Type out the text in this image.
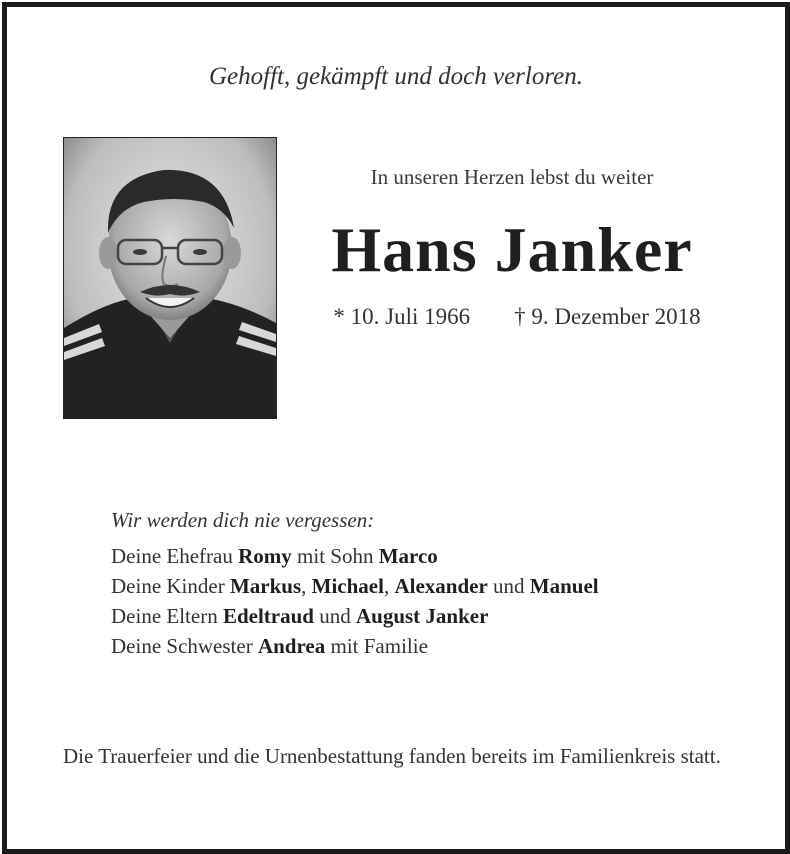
Gehofft, gekämpft und doch verloren.
In unseren Herzen lebst du weiter
Hans Janker
* 10. Juli 1966 † 9. Dezember 2018
Wir werden dich nie vergessen:
Deine Ehefrau Romy mit Sohn Marco
Deine Kinder Markus, Michael, Alexander und Manuel
Deine Eltern Edeltraud und August Janker
Deine Schwester Andrea mit Familie
Die Trauerfeier und die Urnenbestattung fanden bereits im Familienkreis statt.
